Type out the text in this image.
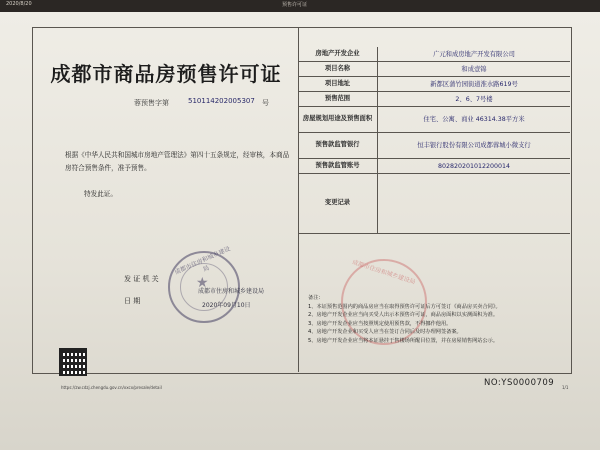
2020/8/20	预售许可证
成都市商品房预售许可证
蓉预售字第	510114202005307 号
根据《中华人民共和国城市房地产管理法》第四十五条规定，经审核，本商品房符合预售条件，准予预售。
特发此证。
发 证 机 关
日 期
★
成都市住房和城乡建设局
成都市住房和城乡建设局
2020年09月10日
成都市住房和城乡建设局
房地产开发企业	广元和成房地产开发有限公司
项目名称	和成壹锦
项目地址	新都区蒲竹园街道淮水路619号
预售范围	2、6、7号楼
房屋规划用途及预售面积	住宅、公寓、商业 46314.38平方米
预售款监管银行	恒丰银行股份有限公司成都蓉城小微支行
预售款监管账号	802820201012200014
变更记录

备注：

1、本证预售范围内的商品房应当在取得预售许可证后方可签订《商品房买卖合同》。

2、房地产开发企业应当向买受人出示本预售许可证，商品房面积以实测面积为准。

3、房地产开发企业应当按照规定使用预售款，不得挪作他用。

4、房地产开发企业和买受人应当在签订合同后及时办理网签备案。

5、房地产开发企业应当将本证悬挂于售楼场所醒目位置，并在房屋销售网站公示。

NO:YS0000709
https://zw.cdzj.chengdu.gov.cn/xxcx/presale/detail	1/1
